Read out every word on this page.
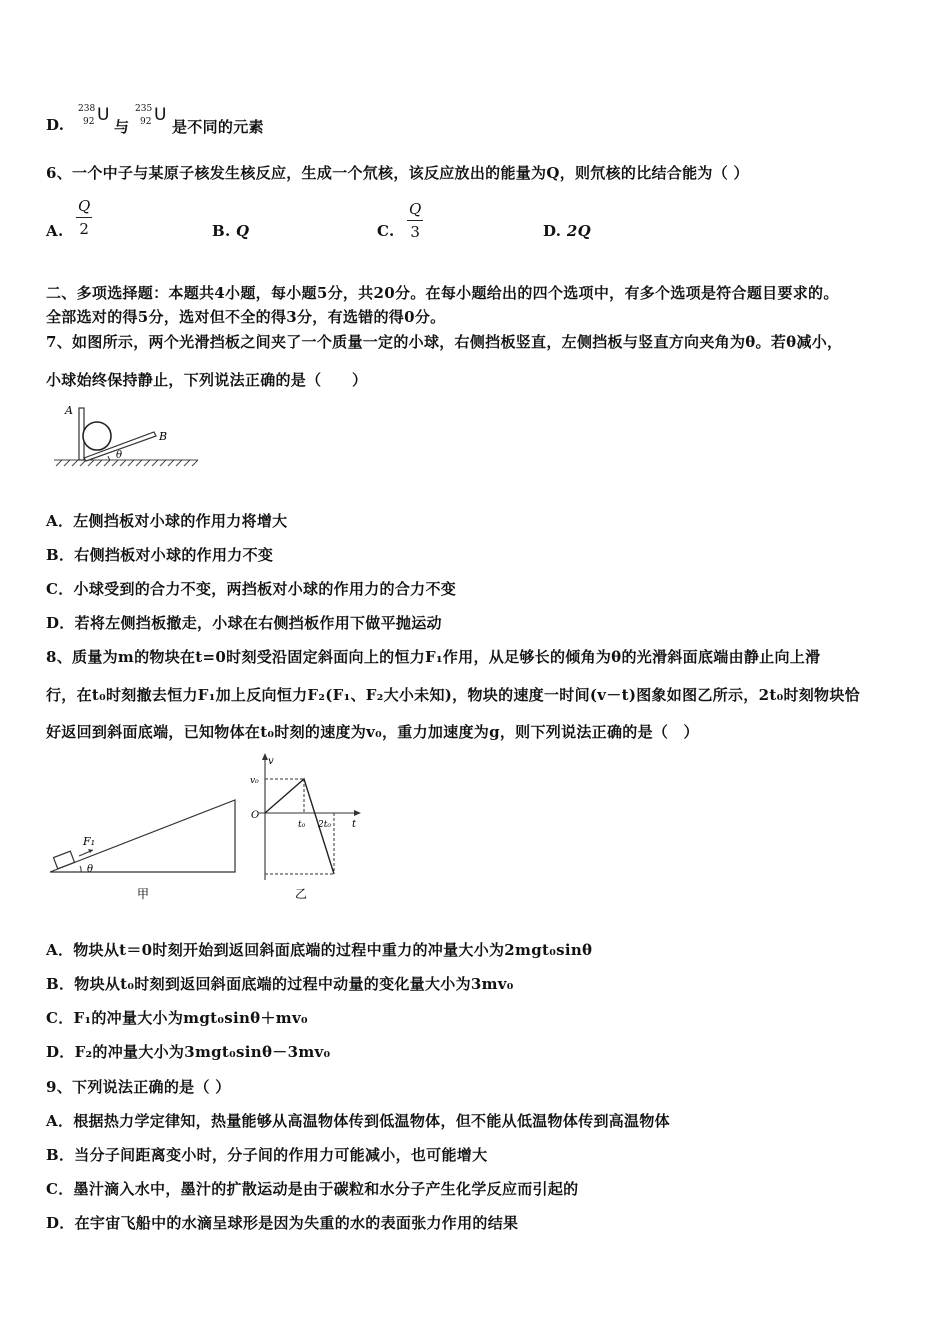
D.
238
92 U
与
235
92 U
是不同的元素
6、一个中子与某原子核发生核反应，生成一个氘核，该反应放出的能量为Q，则氘核的比结合能为（ ）
A. $\frac{Q}{2}$	B. Q	C. $\frac{Q}{3}$	D. 2Q
二、多项选择题：本题共4小题，每小题5分，共20分。在每小题给出的四个选项中，有多个选项是符合题目要求的。
全部选对的得5分，选对但不全的得3分，有选错的得0分。
7、如图所示，两个光滑挡板之间夹了一个质量一定的小球，右侧挡板竖直，左侧挡板与竖直方向夹角为θ。若θ减小，
小球始终保持静止，下列说法正确的是（　　）
A
B
θ
A．左侧挡板对小球的作用力将增大
B．右侧挡板对小球的作用力不变
C．小球受到的合力不变，两挡板对小球的作用力的合力不变
D．若将左侧挡板撤走，小球在右侧挡板作用下做平抛运动
8、质量为m的物块在t=0时刻受沿固定斜面向上的恒力F₁作用，从足够长的倾角为θ的光滑斜面底端由静止向上滑
行，在t₀时刻撤去恒力F₁加上反向恒力F₂(F₁、F₂大小未知)，物块的速度一时间(v－t)图象如图乙所示，2t₀时刻物块恰
好返回到斜面底端，已知物体在t₀时刻的速度为v₀，重力加速度为g，则下列说法正确的是（　）
F₁
θ
甲
v
v₀
O
t₀ 2t₀ t
乙
A．物块从t＝0时刻开始到返回斜面底端的过程中重力的冲量大小为2mgt₀sinθ
B．物块从t₀时刻到返回斜面底端的过程中动量的变化量大小为3mv₀
C．F₁的冲量大小为mgt₀sinθ＋mv₀
D．F₂的冲量大小为3mgt₀sinθ－3mv₀
9、下列说法正确的是（ ）
A．根据热力学定律知，热量能够从高温物体传到低温物体，但不能从低温物体传到高温物体
B．当分子间距离变小时，分子间的作用力可能减小，也可能增大
C．墨汁滴入水中，墨汁的扩散运动是由于碳粒和水分子产生化学反应而引起的
D．在宇宙飞船中的水滴呈球形是因为失重的水的表面张力作用的结果
